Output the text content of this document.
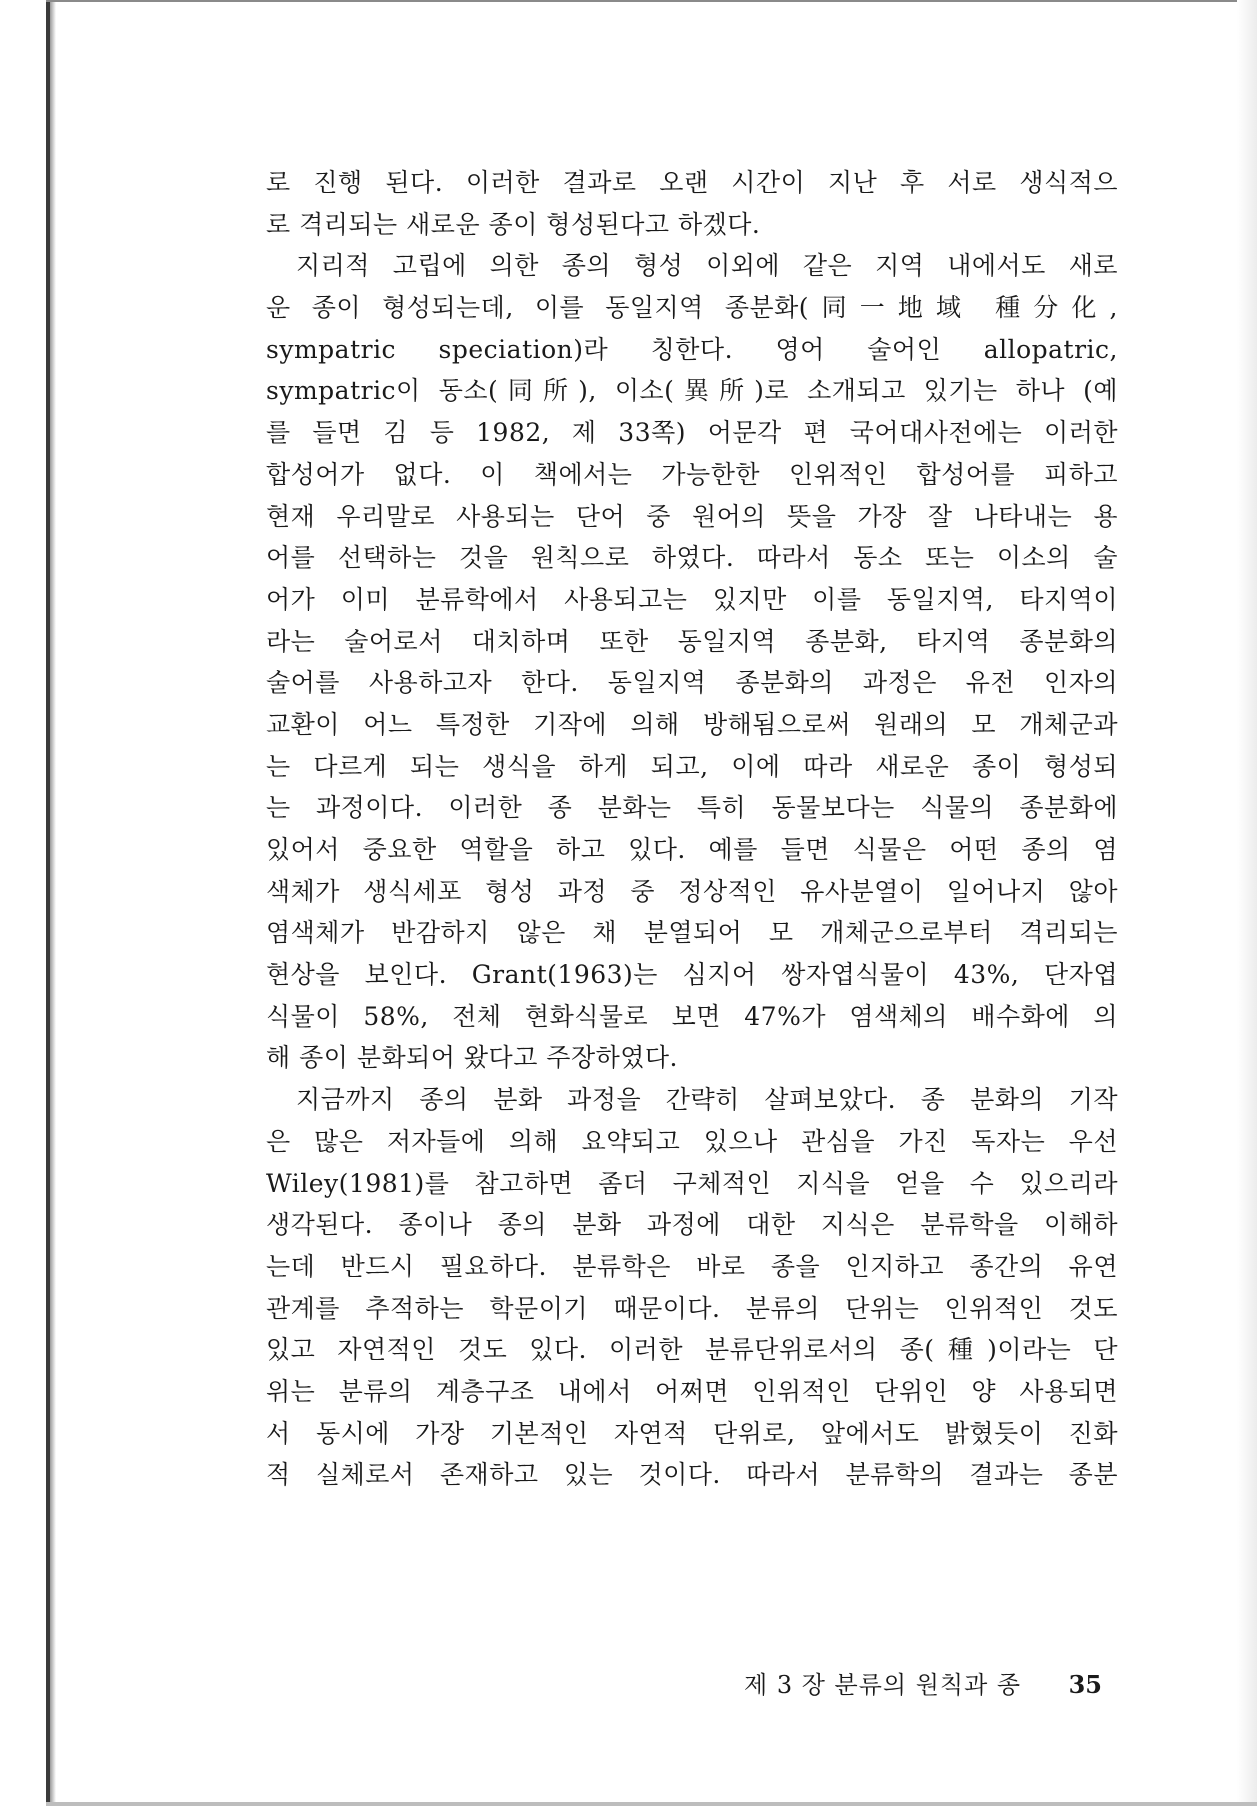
로 진행 된다. 이러한 결과로 오랜 시간이 지난 후 서로 생식적으
로 격리되는 새로운 종이 형성된다고 하겠다.
지리적 고립에 의한 종의 형성 이외에 같은 지역 내에서도 새로
운 종이 형성되는데, 이를 동일지역 종분화(同一地域 種分化,
sympatric speciation)라 칭한다. 영어 술어인 allopatric,
sympatric이 동소(同所), 이소(異所)로 소개되고 있기는 하나 (예
를 들면 김 등 1982, 제 33쪽) 어문각 편 국어대사전에는 이러한
합성어가 없다. 이 책에서는 가능한한 인위적인 합성어를 피하고
현재 우리말로 사용되는 단어 중 원어의 뜻을 가장 잘 나타내는 용
어를 선택하는 것을 원칙으로 하였다. 따라서 동소 또는 이소의 술
어가 이미 분류학에서 사용되고는 있지만 이를 동일지역, 타지역이
라는 술어로서 대치하며 또한 동일지역 종분화, 타지역 종분화의
술어를 사용하고자 한다. 동일지역 종분화의 과정은 유전 인자의
교환이 어느 특정한 기작에 의해 방해됨으로써 원래의 모 개체군과
는 다르게 되는 생식을 하게 되고, 이에 따라 새로운 종이 형성되
는 과정이다. 이러한 종 분화는 특히 동물보다는 식물의 종분화에
있어서 중요한 역할을 하고 있다. 예를 들면 식물은 어떤 종의 염
색체가 생식세포 형성 과정 중 정상적인 유사분열이 일어나지 않아
염색체가 반감하지 않은 채 분열되어 모 개체군으로부터 격리되는
현상을 보인다. Grant(1963)는 심지어 쌍자엽식물이 43%, 단자엽
식물이 58%, 전체 현화식물로 보면 47%가 염색체의 배수화에 의
해 종이 분화되어 왔다고 주장하였다.
지금까지 종의 분화 과정을 간략히 살펴보았다. 종 분화의 기작
은 많은 저자들에 의해 요약되고 있으나 관심을 가진 독자는 우선
Wiley(1981)를 참고하면 좀더 구체적인 지식을 얻을 수 있으리라
생각된다. 종이나 종의 분화 과정에 대한 지식은 분류학을 이해하
는데 반드시 필요하다. 분류학은 바로 종을 인지하고 종간의 유연
관계를 추적하는 학문이기 때문이다. 분류의 단위는 인위적인 것도
있고 자연적인 것도 있다. 이러한 분류단위로서의 종(種)이라는 단
위는 분류의 계층구조 내에서 어쩌면 인위적인 단위인 양 사용되면
서 동시에 가장 기본적인 자연적 단위로, 앞에서도 밝혔듯이 진화
적 실체로서 존재하고 있는 것이다. 따라서 분류학의 결과는 종분
제 3 장 분류의 원칙과 종 35
